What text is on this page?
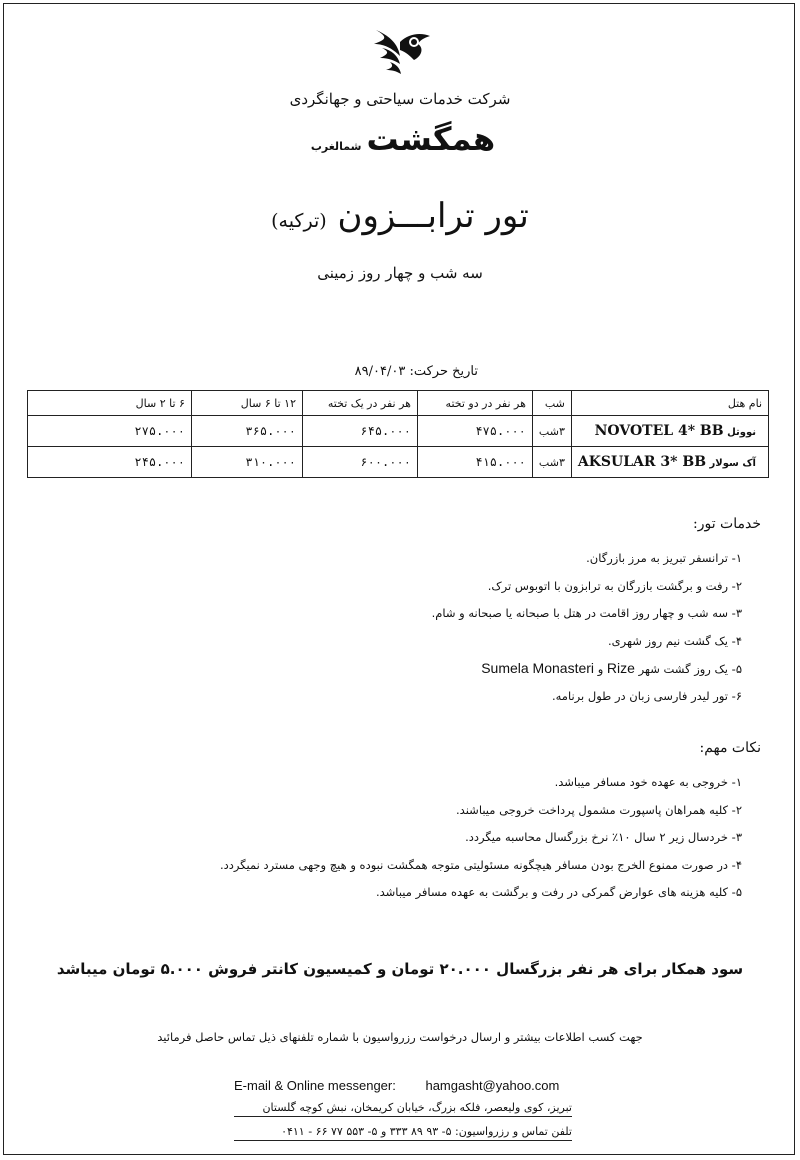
شرکت خدمات سیاحتی و جهانگردی
همگشت شمالغرب
تور ترابـــزون (ترکیه)
سه شب و چهار روز زمینی
تاریخ حرکت: ۸۹/۰۴/۰۳
نام هتل	شب	هر نفر در دو تخته	هر نفر در یک تخته	۱۲ تا ۶ سال	۶ تا ۲ سال
نووتل NOVOTEL 4* BB	۳شب	۴۷۵.۰۰۰	۶۴۵.۰۰۰	۳۶۵.۰۰۰	۲۷۵.۰۰۰
آک سولار AKSULAR 3* BB	۳شب	۴۱۵.۰۰۰	۶۰۰.۰۰۰	۳۱۰.۰۰۰	۲۴۵.۰۰۰
خدمات تور:
۱- ترانسفر تبریز به مرز بازرگان.
۲- رفت و برگشت بازرگان به ترابزون با اتوبوس ترک.
۳- سه شب و چهار روز اقامت در هتل با صبحانه یا صبحانه و شام.
۴- یک گشت نیم روز شهری.
۵- یک روز گشت شهر Rize و Sumela Monasteri
۶- تور لیدر فارسی زبان در طول برنامه.
نکات مهم:
۱- خروجی به عهده خود مسافر میباشد.
۲- کلیه همراهان پاسپورت مشمول پرداخت خروجی میباشند.
۳- خردسال زیر ۲ سال ۱۰٪ نرخ بزرگسال محاسبه میگردد.
۴- در صورت ممنوع الخرج بودن مسافر هیچگونه مسئولیتی متوجه همگشت نبوده و هیچ وجهی مسترد نمیگردد.
۵- کلیه هزینه های عوارض گمرکی در رفت و برگشت به عهده مسافر میباشد.
سود همکار برای هر نفر بزرگسال ۲۰.۰۰۰ تومان و کمیسیون کانتر فروش ۵.۰۰۰ تومان میباشد
جهت کسب اطلاعات بیشتر و ارسال درخواست رزرواسیون با شماره تلفنهای ذیل تماس حاصل فرمائید
E-mail & Online messenger: hamgasht@yahoo.com
تبریز، کوی ولیعصر، فلکه بزرگ، خیابان کریمخان، نبش کوچه گلستان
تلفن تماس و رزرواسیون: ۵- ۹۳ ۸۹ ۳۳۳ و ۵- ۵۵۳ ۷۷ ۶۶ - ۰۴۱۱
